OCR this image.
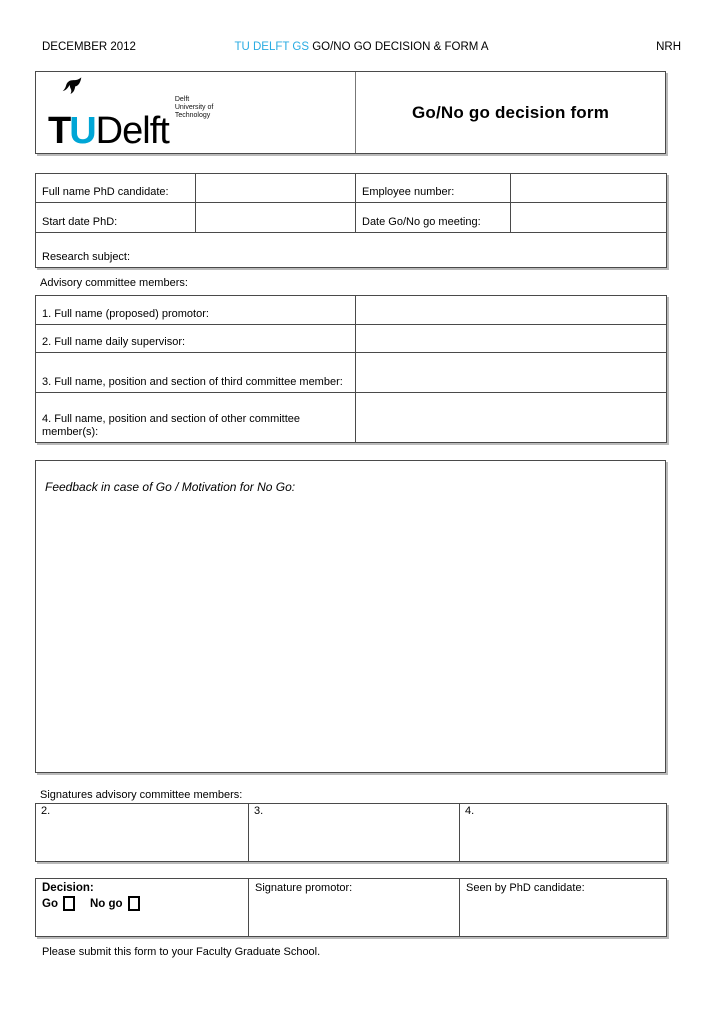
DECEMBER 2012	TU DELFT GS GO/NO GO DECISION & FORM A	NRH
TUDelft
Delft
University of
Technology	Go/No go decision form
Full name PhD candidate:		Employee number:	
Start date PhD:		Date Go/No go meeting:	
Research subject:			
Advisory committee members:
1. Full name (proposed) promotor:	
2. Full name daily supervisor:	
3. Full name, position and section of third committee member:	
4. Full name, position and section of other committee member(s):	
Feedback in case of Go / Motivation for No Go:
Signatures advisory committee members:
2.	3.	4.
Decision:
Go	No go
	Signature promotor:	Seen by PhD candidate:
Please submit this form to your Faculty Graduate School.
